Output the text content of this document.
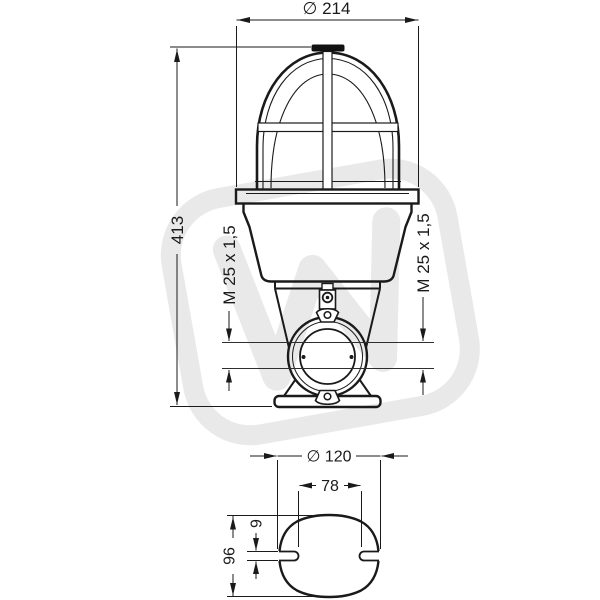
∅ 214
413 M 25 x 1,5	M 25 x 1,5
∅ 120
78
9
96
